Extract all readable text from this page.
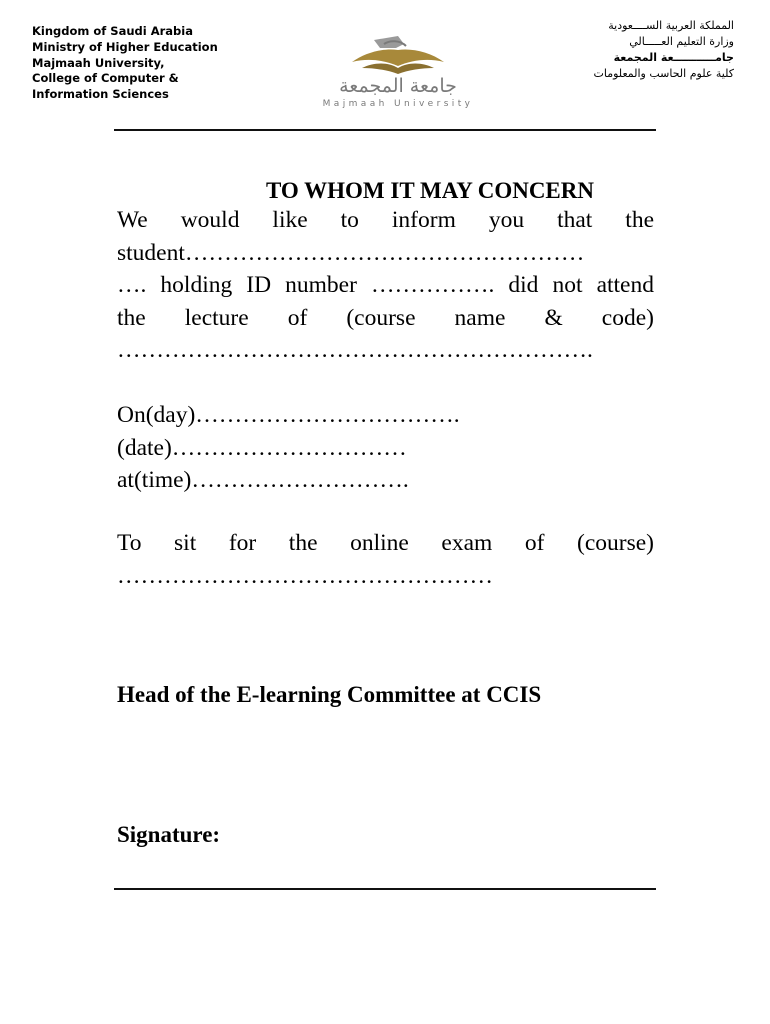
Kingdom of Saudi Arabia
Ministry of Higher Education
Majmaah University,
College of Computer &
Information Sciences	جامعة المجمعة
Majmaah University
المملكة العربية الســــعودية
وزارة التعليم العـــــالي
جامـــــــــــعة المجمعة
كلية علوم الحاسب والمعلومات
TO WHOM IT MAY CONCERN
We would like to inform you that the
student……………………………………………
…. holding ID number ……………. did not attend
the lecture of (course name & code)
…………………………………………………….
On(day)…………………………….
(date)…………………………
at(time)……………………….
To sit for the online exam of (course)
…………………………………………
Head of the E-learning Committee at CCIS
Signature:
